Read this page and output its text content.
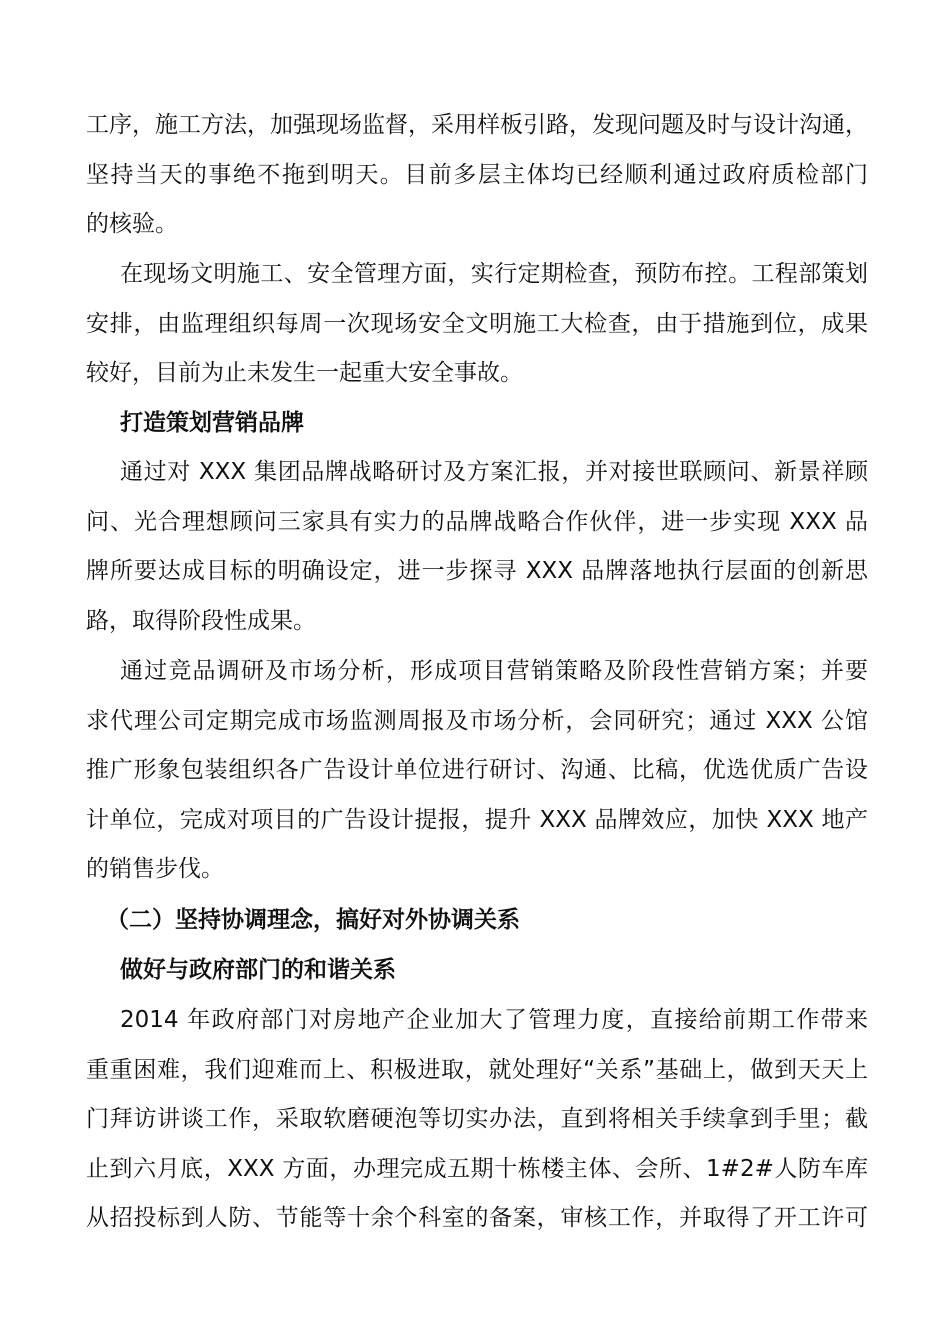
工序，施工方法，加强现场监督，采用样板引路，发现问题及时与设计沟通，
坚持当天的事绝不拖到明天。目前多层主体均已经顺利通过政府质检部门
的核验。
在现场文明施工、安全管理方面，实行定期检查，预防布控。工程部策划
安排，由监理组织每周一次现场安全文明施工大检查，由于措施到位，成果
较好，目前为止未发生一起重大安全事故。
打造策划营销品牌
通过对 XXX 集团品牌战略研讨及方案汇报，并对接世联顾问、新景祥顾
问、光合理想顾问三家具有实力的品牌战略合作伙伴，进一步实现 XXX 品
牌所要达成目标的明确设定，进一步探寻 XXX 品牌落地执行层面的创新思
路，取得阶段性成果。
通过竞品调研及市场分析，形成项目营销策略及阶段性营销方案；并要
求代理公司定期完成市场监测周报及市场分析，会同研究；通过 XXX 公馆
推广形象包装组织各广告设计单位进行研讨、沟通、比稿，优选优质广告设
计单位，完成对项目的广告设计提报，提升 XXX 品牌效应，加快 XXX 地产
的销售步伐。
（二）坚持协调理念，搞好对外协调关系
做好与政府部门的和谐关系
2014 年政府部门对房地产企业加大了管理力度，直接给前期工作带来
重重困难，我们迎难而上、积极进取，就处理好“关系”基础上，做到天天上
门拜访讲谈工作，采取软磨硬泡等切实办法，直到将相关手续拿到手里；截
止到六月底，XXX 方面，办理完成五期十栋楼主体、会所、1#2#人防车库
从招投标到人防、节能等十余个科室的备案，审核工作，并取得了开工许可
